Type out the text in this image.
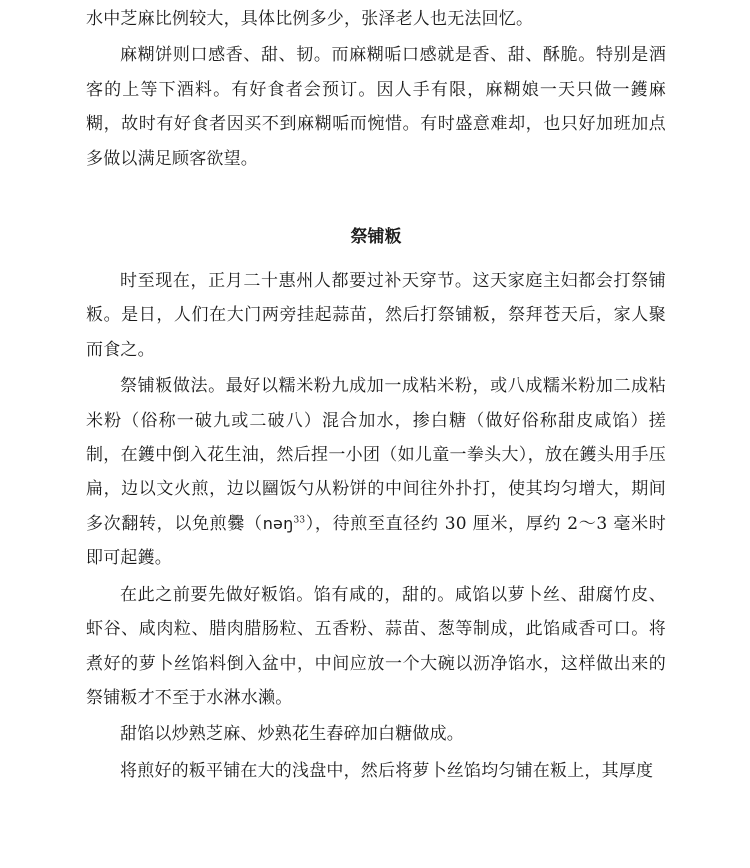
水中芝麻比例较大，具体比例多少，张泽老人也无法回忆。

麻糊饼则口感香、甜、韧。而麻糊㖃口感就是香、甜、酥脆。特别是酒客的上等下酒料。有好食者会预订。因人手有限，麻糊娘一天只做一鑊麻糊，故时有好食者因买不到麻糊㖃而惋惜。有时盛意难却，也只好加班加点多做以满足顾客欲望。

祭铺粄

时至现在，正月二十惠州人都要过补天穿节。这天家庭主妇都会打祭铺粄。是日，人们在大门两旁挂起蒜苗，然后打祭铺粄，祭拜苍天后，家人聚而食之。

祭铺粄做法。最好以糯米粉九成加一成粘米粉，或八成糯米粉加二成粘米粉（俗称一破九或二破八）混合加水，掺白糖（做好俗称甜皮咸馅）搓制，在鑊中倒入花生油，然后捏一小团（如儿童一拳头大），放在鑊头用手压扁，边以文火煎，边以圝饭勺从粉饼的中间往外扑打，使其均匀增大，期间多次翻转，以免煎爨（nəŋ$^{33}$），待煎至直径约 30 厘米，厚约 2～3 毫米时即可起鑊。

在此之前要先做好粄馅。馅有咸的，甜的。咸馅以萝卜丝、甜腐竹皮、虾谷、咸肉粒、腊肉腊肠粒、五香粉、蒜苗、葱等制成，此馅咸香可口。将煮好的萝卜丝馅料倒入盆中，中间应放一个大碗以沥净馅水，这样做出来的祭铺粄才不至于水淋水濑。

甜馅以炒熟芝麻、炒熟花生舂碎加白糖做成。

将煎好的粄平铺在大的浅盘中，然后将萝卜丝馅均匀铺在粄上，其厚度
